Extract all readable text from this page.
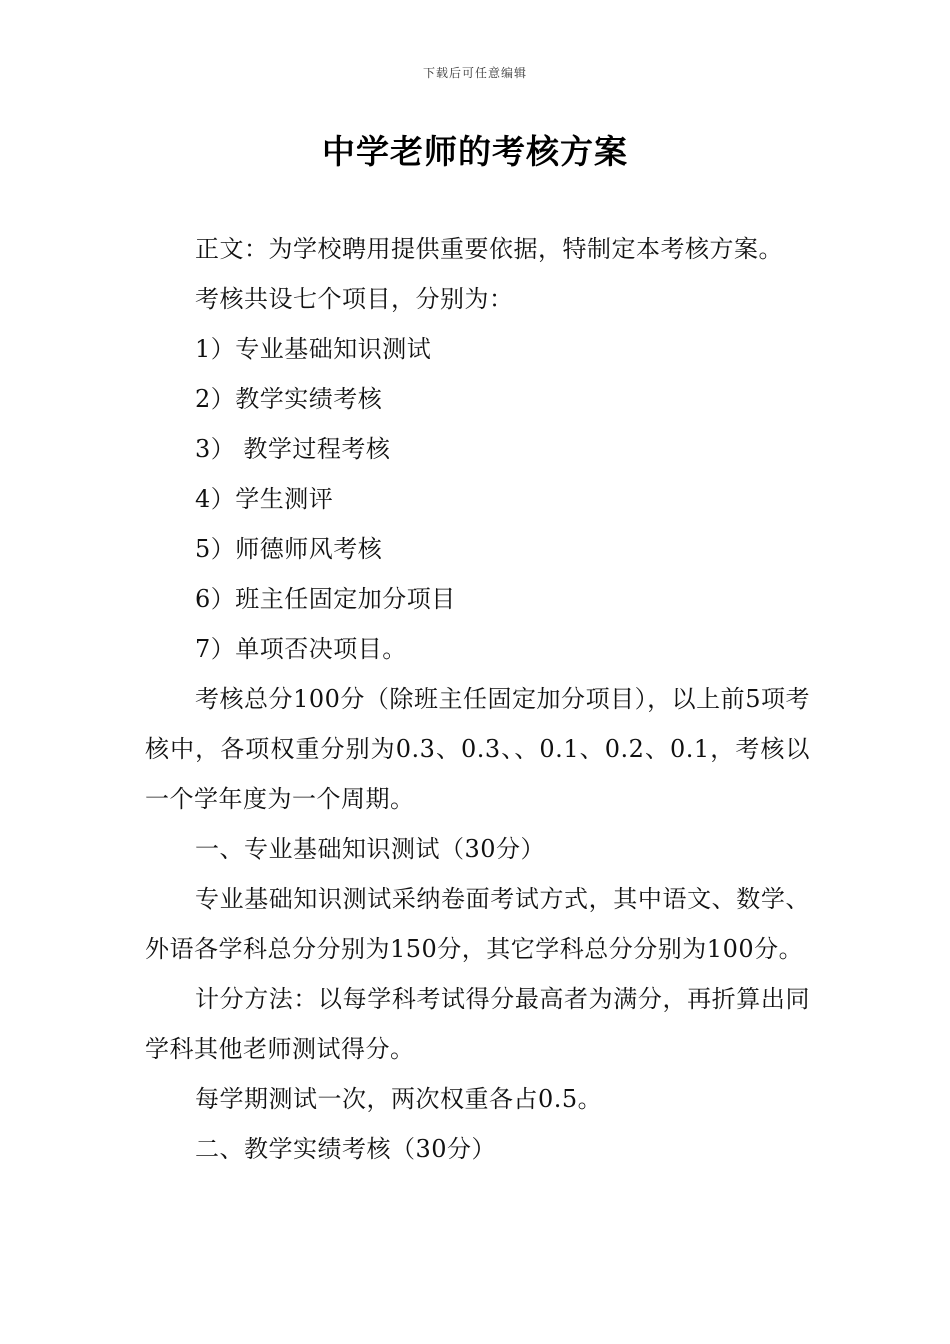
下载后可任意编辑
中学老师的考核方案

正文：为学校聘用提供重要依据，特制定本考核方案。

考核共设七个项目，分别为：

1）专业基础知识测试

2）教学实绩考核

3） 教学过程考核

4）学生测评

5）师德师风考核

6）班主任固定加分项目

7）单项否决项目。

考核总分100分（除班主任固定加分项目），以上前5项考核中，各项权重分别为0.3、0.3、、0.1、0.2、0.1，考核以一个学年度为一个周期。

一、专业基础知识测试（30分）

专业基础知识测试采纳卷面考试方式，其中语文、数学、外语各学科总分分别为150分，其它学科总分分别为100分。

计分方法：以每学科考试得分最高者为满分，再折算出同学科其他老师测试得分。

每学期测试一次，两次权重各占0.5。

二、教学实绩考核（30分）
